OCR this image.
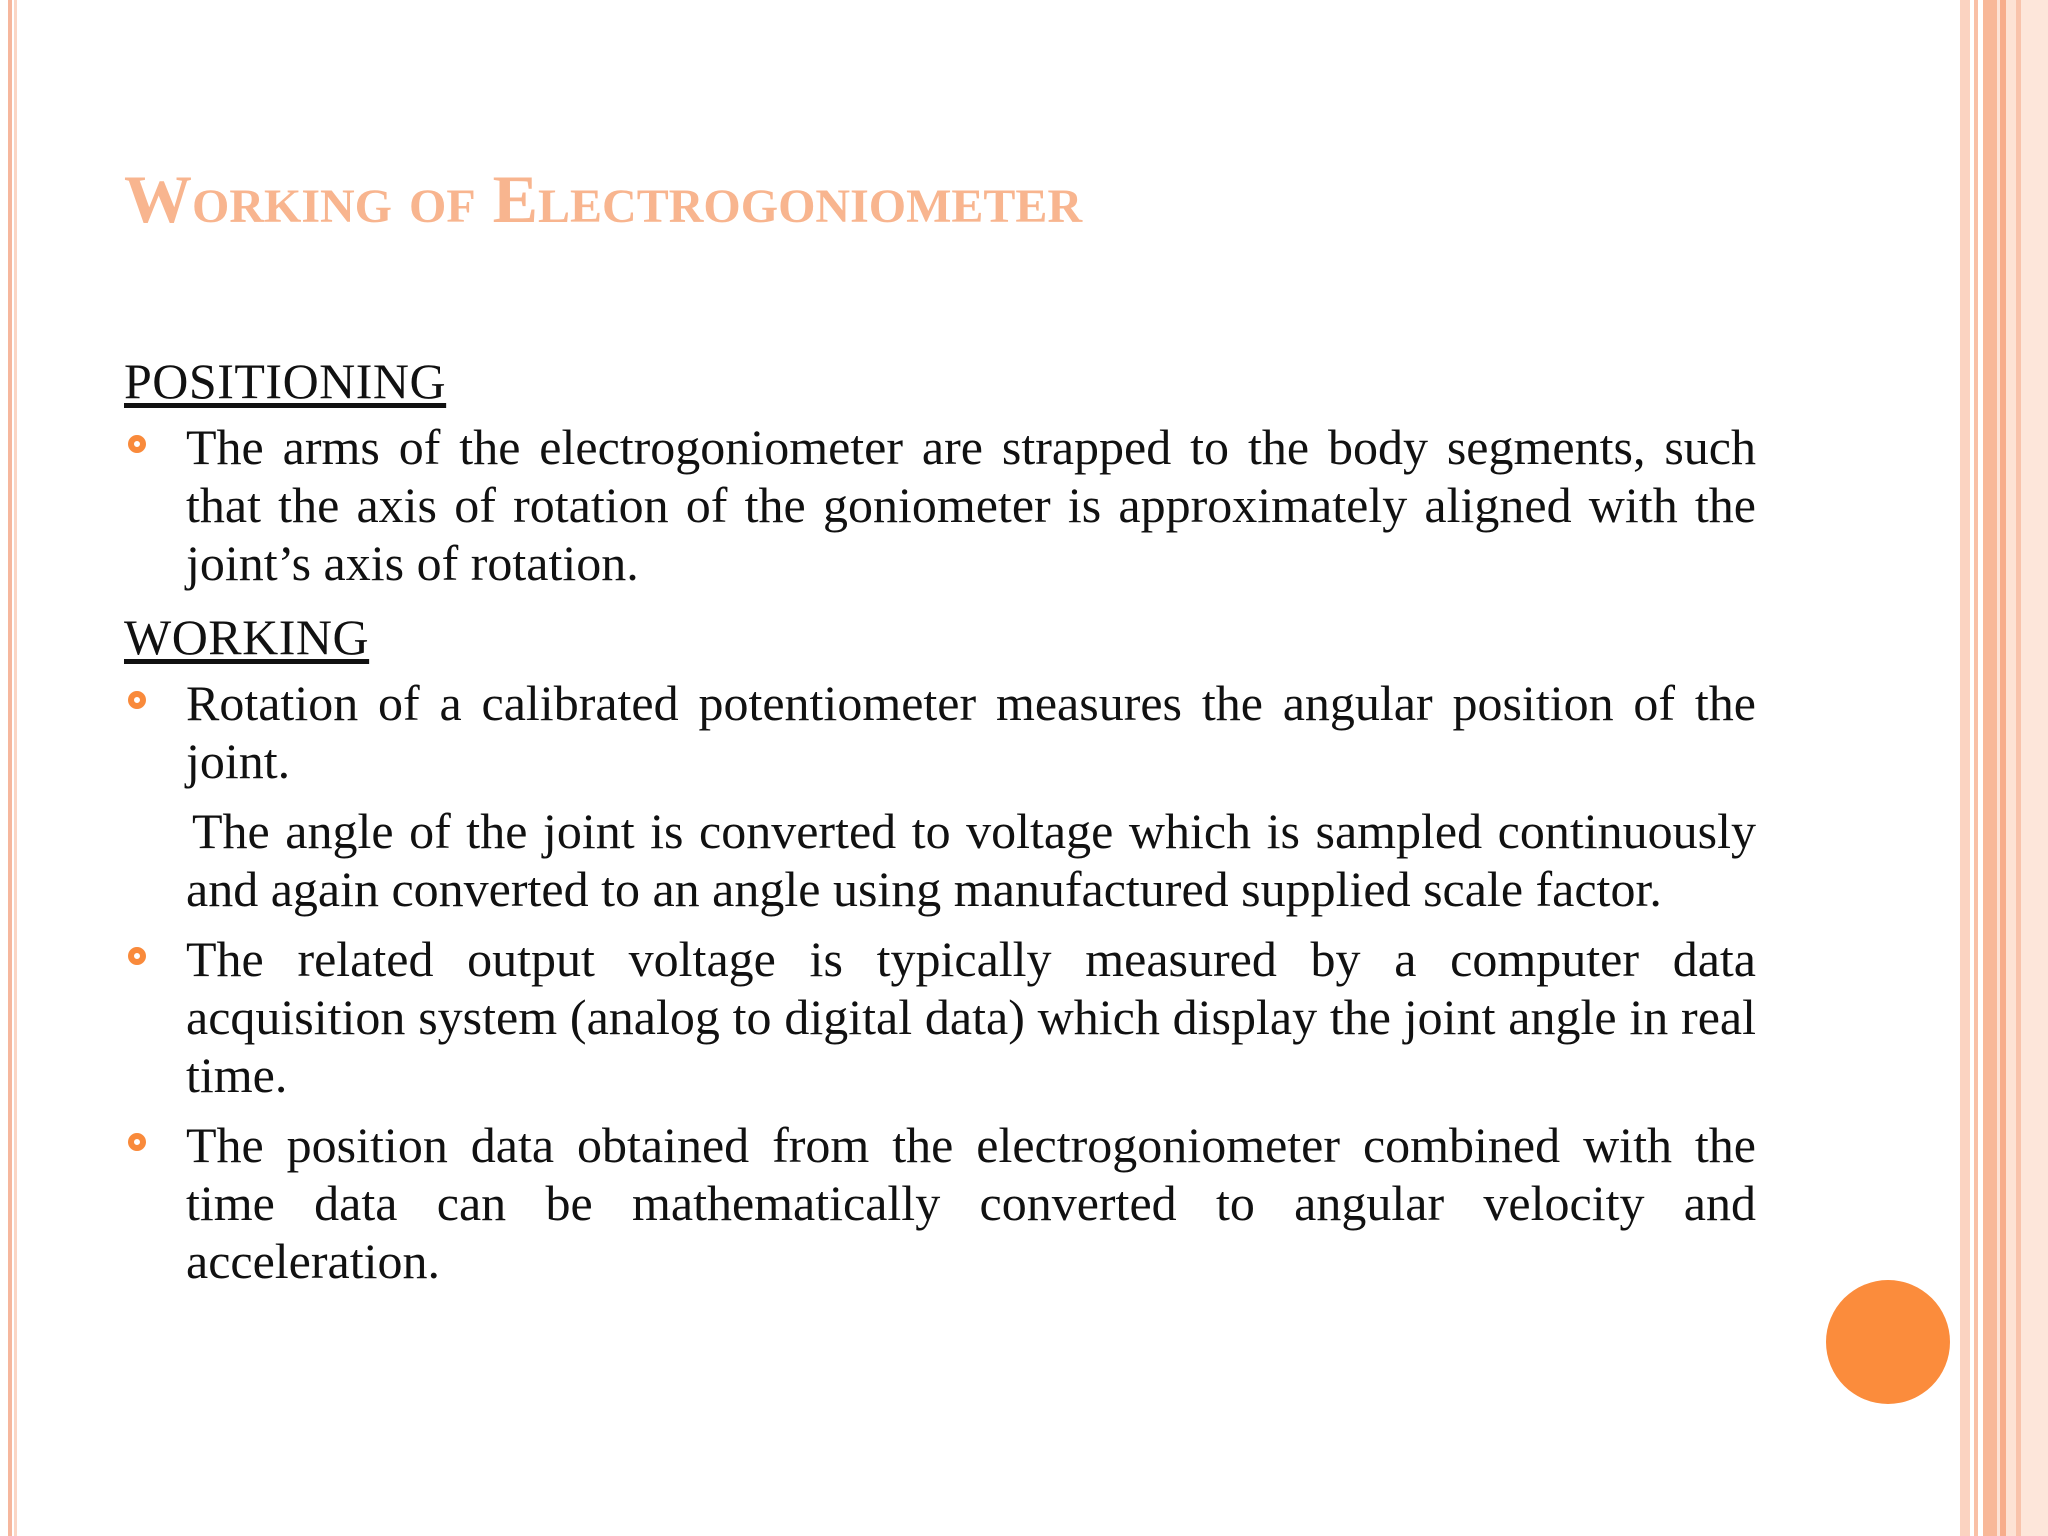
Working of Electrogoniometer
POSITIONING
The arms of the electrogoniometer are strapped to the body segments, such that the axis of rotation of the goniometer is approximately aligned with the joint’s axis of rotation.
WORKING
Rotation of a calibrated potentiometer measures the angular position of the joint.
The angle of the joint is converted to voltage which is sampled continuously and again converted to an angle using manufactured supplied scale factor.
The related output voltage is typically measured by a computer data acquisition system (analog to digital data) which display the joint angle in real time.
The position data obtained from the electrogoniometer combined with the time data can be mathematically converted to angular velocity and acceleration.
